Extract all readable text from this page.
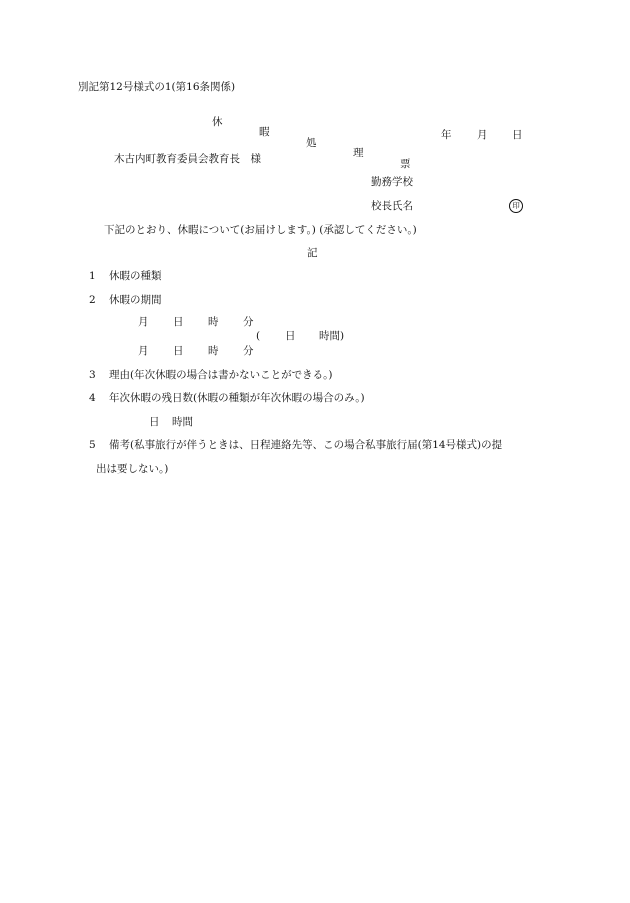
別記第12号様式の1(第16条関係)

休

暇

処

理

票

年 月 日
木古内町教育委員会教育長　様
勤務学校
校長氏名	印
下記のとおり、休暇について(お届けします。) (承認してください。)
記
1 休暇の種類
2 休暇の期間
月 日 時 分
( 日 時間)
月 日 時 分
3 理由(年次休暇の場合は書かないことができる。)
4 年次休暇の残日数(休暇の種類が年次休暇の場合のみ。)
日 時間
5 備考(私事旅行が伴うときは、日程連絡先等、この場合私事旅行届(第14号様式)の提
出は要しない。)
